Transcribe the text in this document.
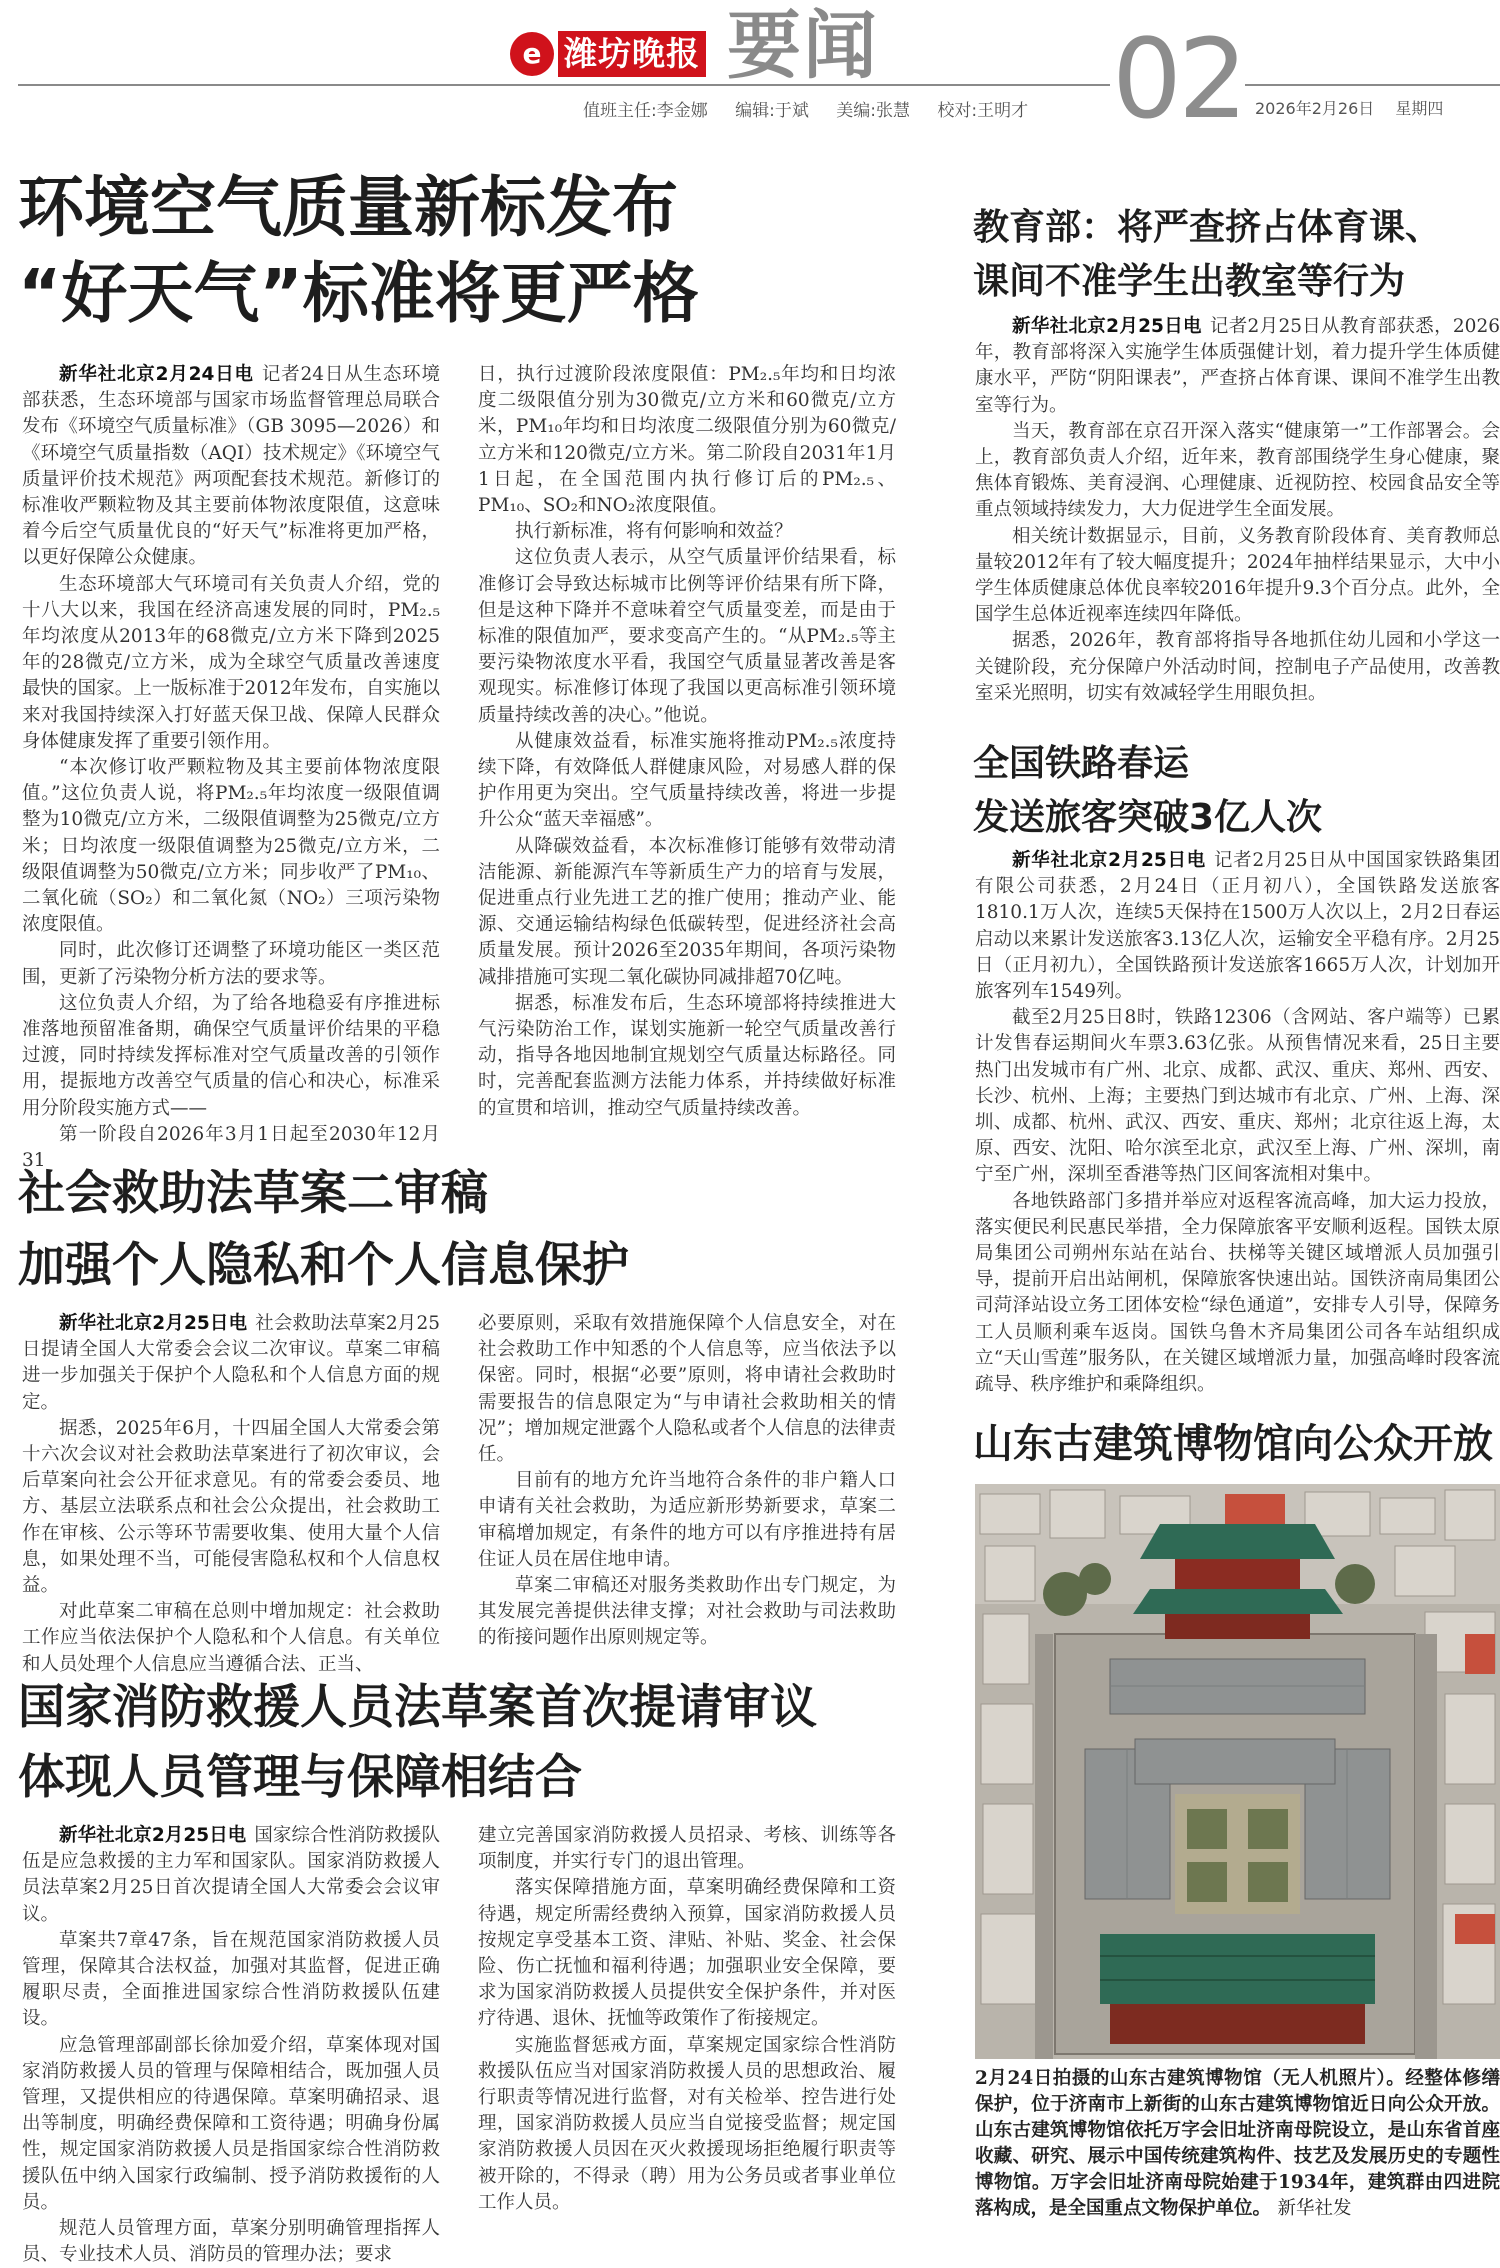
e 潍坊晚报 要闻 02
值班主任:李金娜 编辑:于斌 美编:张慧 校对:王明才	2026年2月26日 星期四
环境空气质量新标发布
“好天气”标准将更严格

新华社北京2月24日电 记者24日从生态环境部获悉，生态环境部与国家市场监督管理总局联合发布《环境空气质量标准》（GB 3095—2026）和《环境空气质量指数（AQI）技术规定》《环境空气质量评价技术规范》两项配套技术规范。新修订的标准收严颗粒物及其主要前体物浓度限值，这意味着今后空气质量优良的“好天气”标准将更加严格，以更好保障公众健康。

生态环境部大气环境司有关负责人介绍，党的十八大以来，我国在经济高速发展的同时，PM₂.₅年均浓度从2013年的68微克/立方米下降到2025年的28微克/立方米，成为全球空气质量改善速度最快的国家。上一版标准于2012年发布，自实施以来对我国持续深入打好蓝天保卫战、保障人民群众身体健康发挥了重要引领作用。

“本次修订收严颗粒物及其主要前体物浓度限值。”这位负责人说，将PM₂.₅年均浓度一级限值调整为10微克/立方米，二级限值调整为25微克/立方米；日均浓度一级限值调整为25微克/立方米，二级限值调整为50微克/立方米；同步收严了PM₁₀、二氧化硫（SO₂）和二氧化氮（NO₂）三项污染物浓度限值。

同时，此次修订还调整了环境功能区一类区范围，更新了污染物分析方法的要求等。

这位负责人介绍，为了给各地稳妥有序推进标准落地预留准备期，确保空气质量评价结果的平稳过渡，同时持续发挥标准对空气质量改善的引领作用，提振地方改善空气质量的信心和决心，标准采用分阶段实施方式——

第一阶段自2026年3月1日起至2030年12月31

日，执行过渡阶段浓度限值：PM₂.₅年均和日均浓度二级限值分别为30微克/立方米和60微克/立方米，PM₁₀年均和日均浓度二级限值分别为60微克/立方米和120微克/立方米。第二阶段自2031年1月1日起，在全国范围内执行修订后的PM₂.₅、PM₁₀、SO₂和NO₂浓度限值。

执行新标准，将有何影响和效益？

这位负责人表示，从空气质量评价结果看，标准修订会导致达标城市比例等评价结果有所下降，但是这种下降并不意味着空气质量变差，而是由于标准的限值加严，要求变高产生的。“从PM₂.₅等主要污染物浓度水平看，我国空气质量显著改善是客观现实。标准修订体现了我国以更高标准引领环境质量持续改善的决心。”他说。

从健康效益看，标准实施将推动PM₂.₅浓度持续下降，有效降低人群健康风险，对易感人群的保护作用更为突出。空气质量持续改善，将进一步提升公众“蓝天幸福感”。

从降碳效益看，本次标准修订能够有效带动清洁能源、新能源汽车等新质生产力的培育与发展，促进重点行业先进工艺的推广使用；推动产业、能源、交通运输结构绿色低碳转型，促进经济社会高质量发展。预计2026至2035年期间，各项污染物减排措施可实现二氧化碳协同减排超70亿吨。

据悉，标准发布后，生态环境部将持续推进大气污染防治工作，谋划实施新一轮空气质量改善行动，指导各地因地制宜规划空气质量达标路径。同时，完善配套监测方法能力体系，并持续做好标准的宣贯和培训，推动空气质量持续改善。

教育部：将严查挤占体育课、
课间不准学生出教室等行为

新华社北京2月25日电 记者2月25日从教育部获悉，2026年，教育部将深入实施学生体质强健计划，着力提升学生体质健康水平，严防“阴阳课表”，严查挤占体育课、课间不准学生出教室等行为。

当天，教育部在京召开深入落实“健康第一”工作部署会。会上，教育部负责人介绍，近年来，教育部围绕学生身心健康，聚焦体育锻炼、美育浸润、心理健康、近视防控、校园食品安全等重点领域持续发力，大力促进学生全面发展。

相关统计数据显示，目前，义务教育阶段体育、美育教师总量较2012年有了较大幅度提升；2024年抽样结果显示，大中小学生体质健康总体优良率较2016年提升9.3个百分点。此外，全国学生总体近视率连续四年降低。

据悉，2026年，教育部将指导各地抓住幼儿园和小学这一关键阶段，充分保障户外活动时间，控制电子产品使用，改善教室采光照明，切实有效减轻学生用眼负担。

全国铁路春运
发送旅客突破3亿人次

新华社北京2月25日电 记者2月25日从中国国家铁路集团有限公司获悉，2月24日（正月初八），全国铁路发送旅客1810.1万人次，连续5天保持在1500万人次以上，2月2日春运启动以来累计发送旅客3.13亿人次，运输安全平稳有序。2月25日（正月初九），全国铁路预计发送旅客1665万人次，计划加开旅客列车1549列。

截至2月25日8时，铁路12306（含网站、客户端等）已累计发售春运期间火车票3.63亿张。从预售情况来看，25日主要热门出发城市有广州、北京、成都、武汉、重庆、郑州、西安、长沙、杭州、上海；主要热门到达城市有北京、广州、上海、深圳、成都、杭州、武汉、西安、重庆、郑州；北京往返上海，太原、西安、沈阳、哈尔滨至北京，武汉至上海、广州、深圳，南宁至广州，深圳至香港等热门区间客流相对集中。

各地铁路部门多措并举应对返程客流高峰，加大运力投放，落实便民利民惠民举措，全力保障旅客平安顺利返程。国铁太原局集团公司朔州东站在站台、扶梯等关键区域增派人员加强引导，提前开启出站闸机，保障旅客快速出站。国铁济南局集团公司菏泽站设立务工团体安检“绿色通道”，安排专人引导，保障务工人员顺利乘车返岗。国铁乌鲁木齐局集团公司各车站组织成立“天山雪莲”服务队，在关键区域增派力量，加强高峰时段客流疏导、秩序维护和乘降组织。

社会救助法草案二审稿
加强个人隐私和个人信息保护

新华社北京2月25日电 社会救助法草案2月25日提请全国人大常委会会议二次审议。草案二审稿进一步加强关于保护个人隐私和个人信息方面的规定。

据悉，2025年6月，十四届全国人大常委会第十六次会议对社会救助法草案进行了初次审议，会后草案向社会公开征求意见。有的常委会委员、地方、基层立法联系点和社会公众提出，社会救助工作在审核、公示等环节需要收集、使用大量个人信息，如果处理不当，可能侵害隐私权和个人信息权益。

对此草案二审稿在总则中增加规定：社会救助工作应当依法保护个人隐私和个人信息。有关单位和人员处理个人信息应当遵循合法、正当、

必要原则，采取有效措施保障个人信息安全，对在社会救助工作中知悉的个人信息等，应当依法予以保密。同时，根据“必要”原则，将申请社会救助时需要报告的信息限定为“与申请社会救助相关的情况”；增加规定泄露个人隐私或者个人信息的法律责任。

目前有的地方允许当地符合条件的非户籍人口申请有关社会救助，为适应新形势新要求，草案二审稿增加规定，有条件的地方可以有序推进持有居住证人员在居住地申请。

草案二审稿还对服务类救助作出专门规定，为其发展完善提供法律支撑；对社会救助与司法救助的衔接问题作出原则规定等。

国家消防救援人员法草案首次提请审议
体现人员管理与保障相结合

新华社北京2月25日电 国家综合性消防救援队伍是应急救援的主力军和国家队。国家消防救援人员法草案2月25日首次提请全国人大常委会会议审议。

草案共7章47条，旨在规范国家消防救援人员管理，保障其合法权益，加强对其监督，促进正确履职尽责，全面推进国家综合性消防救援队伍建设。

应急管理部副部长徐加爱介绍，草案体现对国家消防救援人员的管理与保障相结合，既加强人员管理，又提供相应的待遇保障。草案明确招录、退出等制度，明确经费保障和工资待遇；明确身份属性，规定国家消防救援人员是指国家综合性消防救援队伍中纳入国家行政编制、授予消防救援衔的人员。

规范人员管理方面，草案分别明确管理指挥人员、专业技术人员、消防员的管理办法；要求

建立完善国家消防救援人员招录、考核、训练等各项制度，并实行专门的退出管理。

落实保障措施方面，草案明确经费保障和工资待遇，规定所需经费纳入预算，国家消防救援人员按规定享受基本工资、津贴、补贴、奖金、社会保险、伤亡抚恤和福利待遇；加强职业安全保障，要求为国家消防救援人员提供安全保护条件，并对医疗待遇、退休、抚恤等政策作了衔接规定。

实施监督惩戒方面，草案规定国家综合性消防救援队伍应当对国家消防救援人员的思想政治、履行职责等情况进行监督，对有关检举、控告进行处理，国家消防救援人员应当自觉接受监督；规定国家消防救援人员因在灭火救援现场拒绝履行职责等被开除的，不得录（聘）用为公务员或者事业单位工作人员。

山东古建筑博物馆向公众开放
2月24日拍摄的山东古建筑博物馆（无人机照片）。经整体修缮保护，位于济南市上新街的山东古建筑博物馆近日向公众开放。山东古建筑博物馆依托万字会旧址济南母院设立，是山东省首座收藏、研究、展示中国传统建筑构件、技艺及发展历史的专题性博物馆。万字会旧址济南母院始建于1934年，建筑群由四进院落构成，是全国重点文物保护单位。 新华社发
